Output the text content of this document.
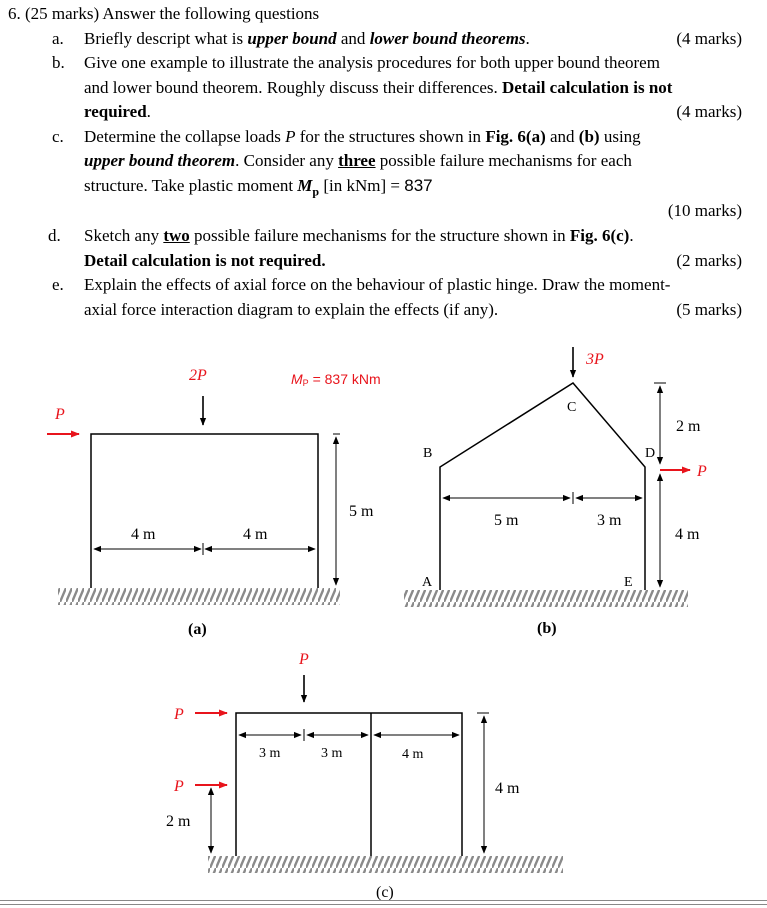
6. (25 marks) Answer the following questions
a. Briefly descript what is upper bound and lower bound theorems.	(4 marks)
b. Give one example to illustrate the analysis procedures for both upper bound theorem
and lower bound theorem. Roughly discuss their differences. Detail calculation is not
required.	(4 marks)
c. Determine the collapse loads P for the structures shown in Fig. 6(a) and (b) using
upper bound theorem. Consider any three possible failure mechanisms for each
structure. Take plastic moment $M_p$ [in kNm] = 837
(10 marks)
d. Sketch any two possible failure mechanisms for the structure shown in Fig. 6(c).
Detail calculation is not required.	(2 marks)
e. Explain the effects of axial force on the behaviour of plastic hinge. Draw the moment-
axial force interaction diagram to explain the effects (if any).	(5 marks)
P
2P	MP = 837 kNm
4 m	4 m
5 m
(a)
3P
P
A
B
C
D
E
5 m	3 m
2 m
4 m
(b)
P
P
P
3 m	3 m	4 m
4 m
2 m
(c)
